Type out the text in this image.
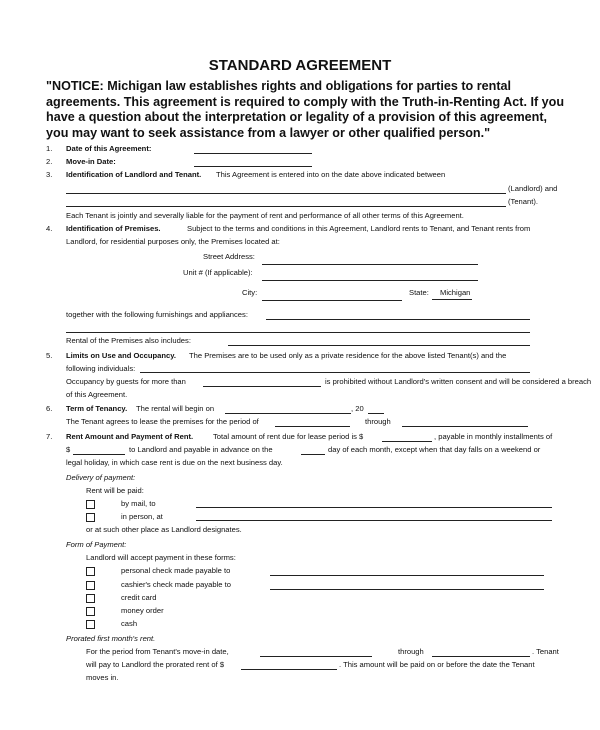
STANDARD AGREEMENT
"NOTICE: Michigan law establishes rights and obligations for parties to rental agreements. This agreement is required to comply with the Truth-in-Renting Act. If you have a question about the interpretation or legality of a provision of this agreement, you may want to seek assistance from a lawyer or other qualified person."
1. Date of this Agreement:
2. Move-in Date:
3. Identification of Landlord and Tenant. This Agreement is entered into on the date above indicated between
(Landlord) and
(Tenant).
Each Tenant is jointly and severally liable for the payment of rent and performance of all other terms of this Agreement.
4. Identification of Premises.	Subject to the terms and conditions in this Agreement, Landlord rents to Tenant, and Tenant rents from
Landlord, for residential purposes only, the Premises located at:
Street Address:
Unit # (If applicable):
City:	State: Michigan
together with the following furnishings and appliances:
Rental of the Premises also includes:
5. Limits on Use and Occupancy. The Premises are to be used only as a private residence for the above listed Tenant(s) and the
following individuals:
Occupancy by guests for more than	is prohibited without Landlord's written consent and will be considered a breach
of this Agreement.
6. Term of Tenancy. The rental will begin on	, 20
The Tenant agrees to lease the premises for the period of	through
7. Rent Amount and Payment of Rent.	Total amount of rent due for lease period is $	, payable in monthly installments of
$	to Landlord and payable in advance on the	day of each month, except when that day falls on a weekend or
legal holiday, in which case rent is due on the next business day.
Delivery of payment:
Rent will be paid:
by mail, to
in person, at
or at such other place as Landlord designates.
Form of Payment:
Landlord will accept payment in these forms:
personal check made payable to
cashier's check made payable to
credit card
money order
cash
Prorated first month's rent.
For the period from Tenant's move-in date,	through	. Tenant
will pay to Landlord the prorated rent of $	. This amount will be paid on or before the date the Tenant
moves in.
